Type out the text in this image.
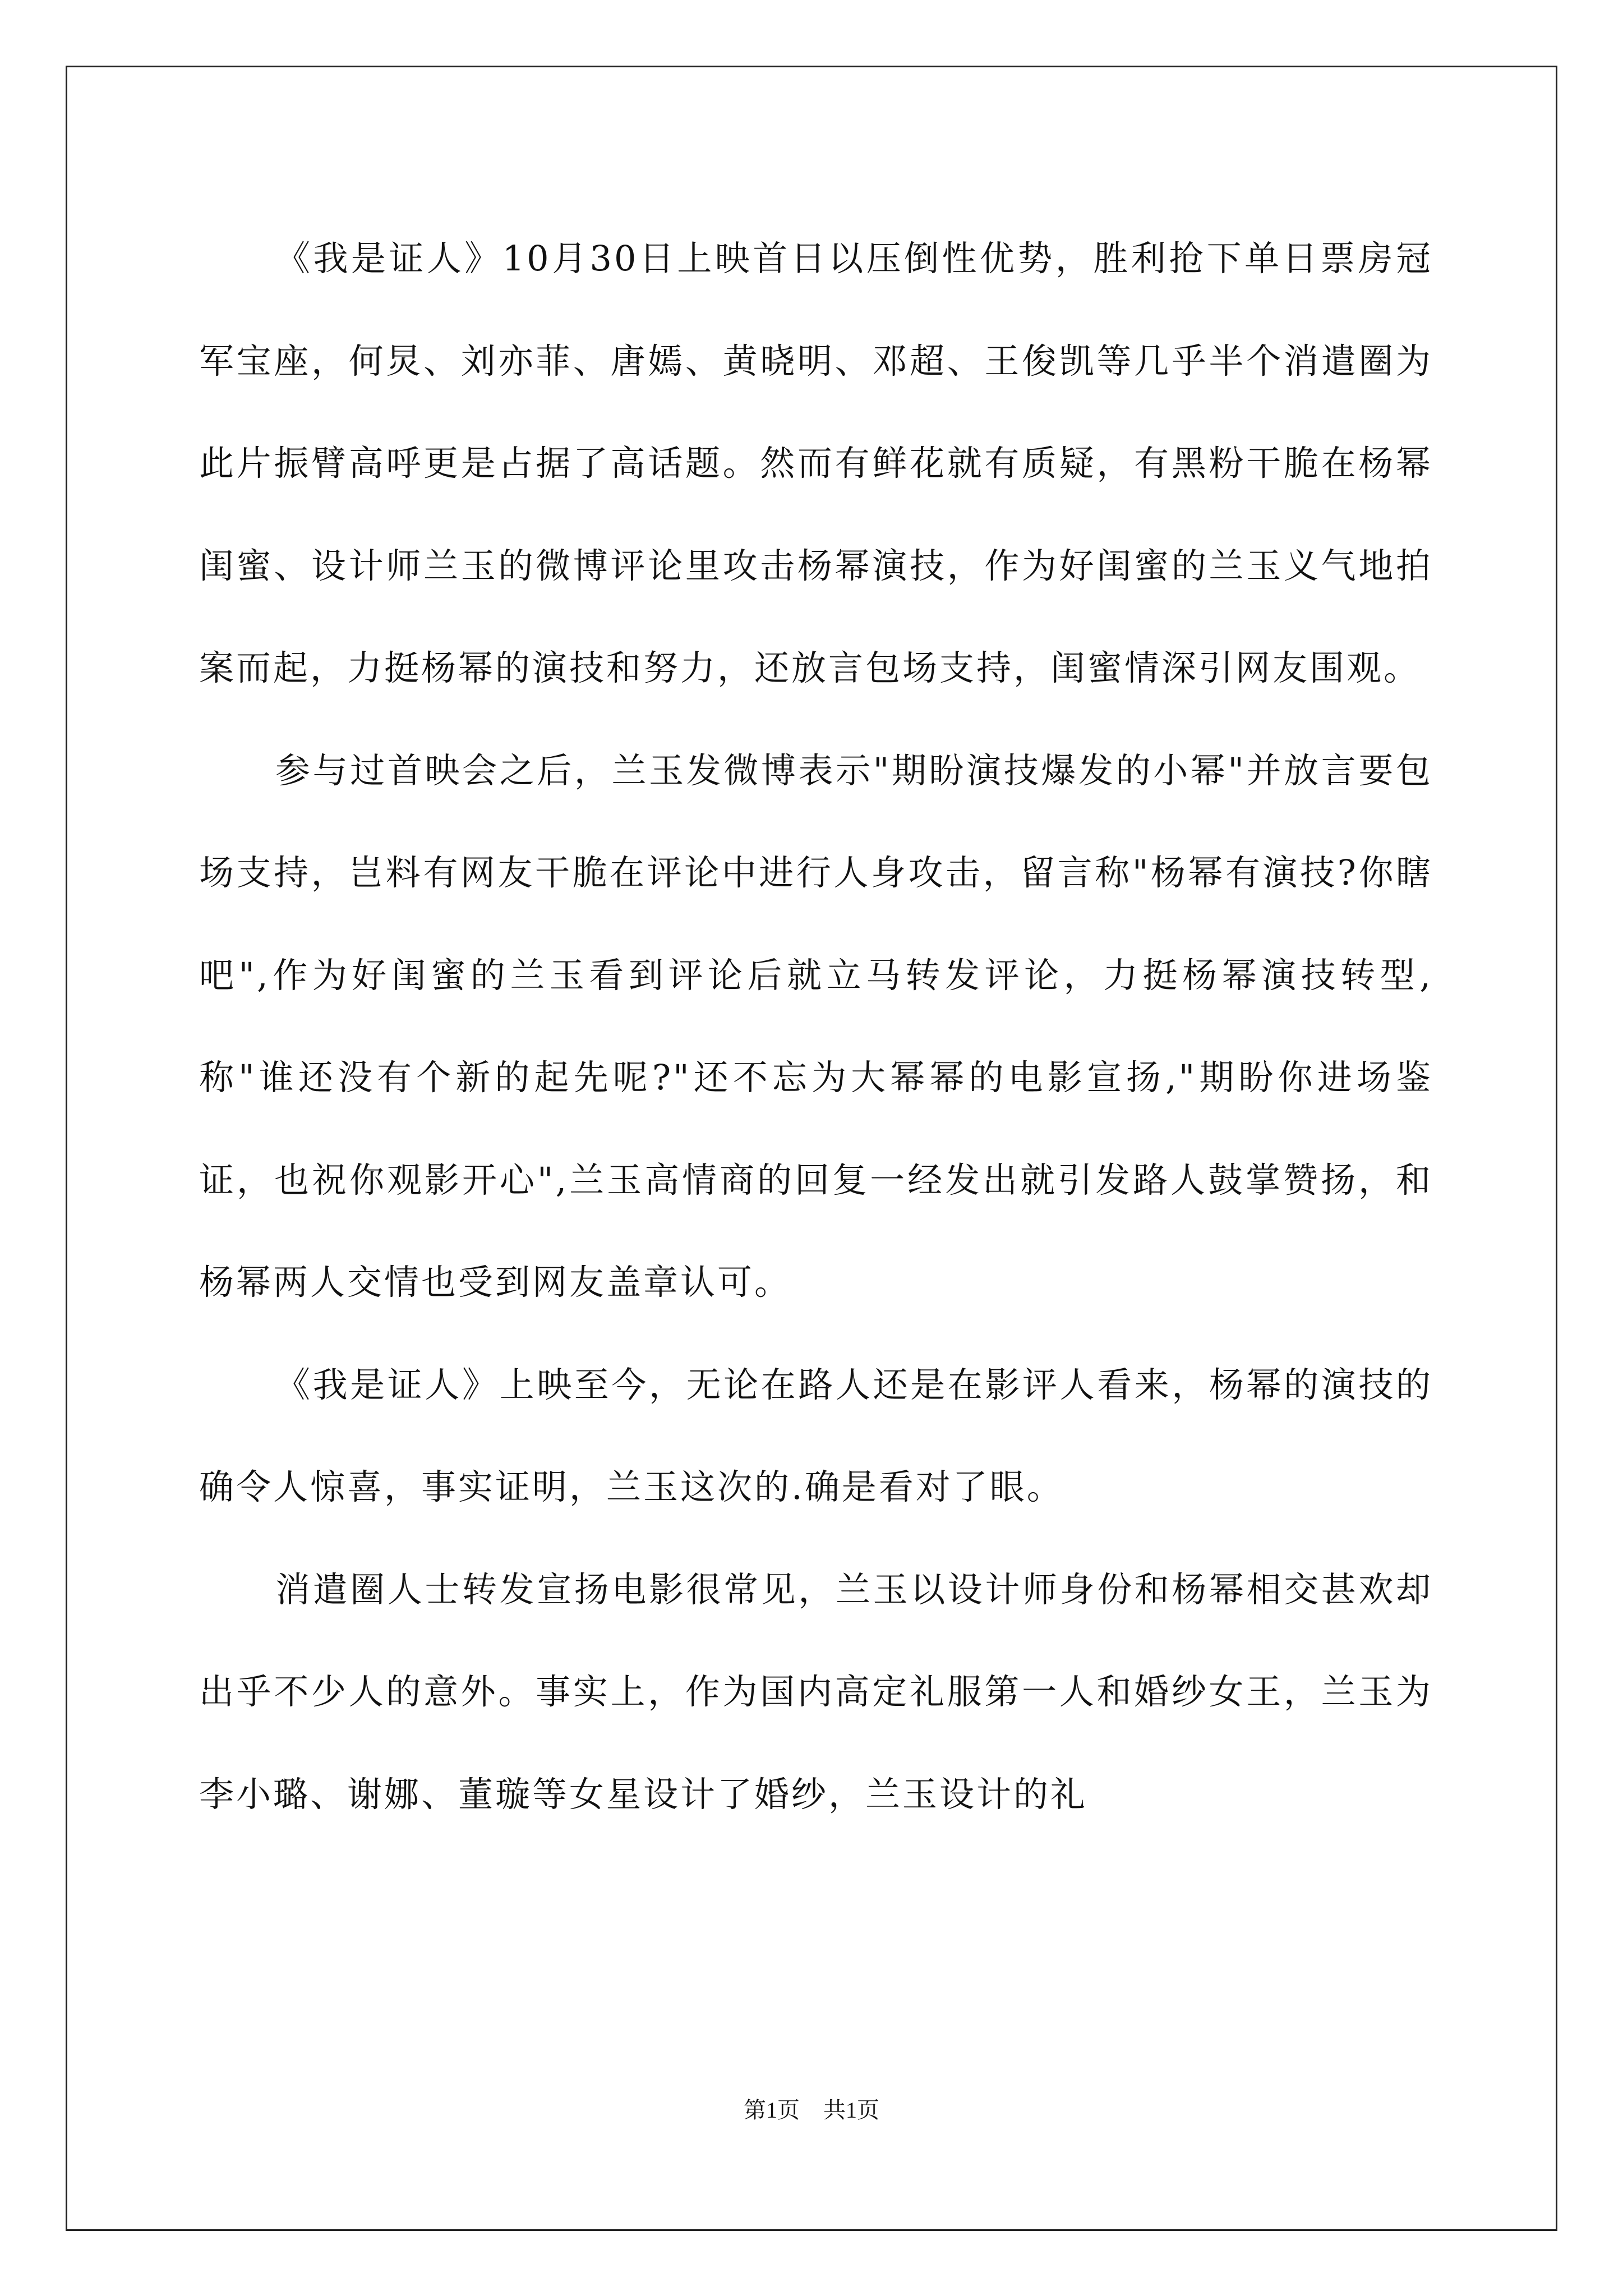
《我是证人》10月30日上映首日以压倒性优势，胜利抢下单日票房冠军宝座，何炅、刘亦菲、唐嫣、黄晓明、邓超、王俊凯等几乎半个消遣圈为此片振臂高呼更是占据了高话题。然而有鲜花就有质疑，有黑粉干脆在杨幂闺蜜、设计师兰玉的微博评论里攻击杨幂演技，作为好闺蜜的兰玉义气地拍案而起，力挺杨幂的演技和努力，还放言包场支持，闺蜜情深引网友围观。

参与过首映会之后，兰玉发微博表示"期盼演技爆发的小幂"并放言要包场支持，岂料有网友干脆在评论中进行人身攻击，留言称"杨幂有演技?你瞎吧",作为好闺蜜的兰玉看到评论后就立马转发评论，力挺杨幂演技转型,称"谁还没有个新的起先呢?"还不忘为大幂幂的电影宣扬,"期盼你进场鉴证，也祝你观影开心",兰玉高情商的回复一经发出就引发路人鼓掌赞扬，和杨幂两人交情也受到网友盖章认可。

《我是证人》上映至今，无论在路人还是在影评人看来，杨幂的演技的确令人惊喜，事实证明，兰玉这次的.确是看对了眼。

消遣圈人士转发宣扬电影很常见，兰玉以设计师身份和杨幂相交甚欢却出乎不少人的意外。事实上，作为国内高定礼服第一人和婚纱女王，兰玉为李小璐、谢娜、董璇等女星设计了婚纱，兰玉设计的礼

第1页 共1页
